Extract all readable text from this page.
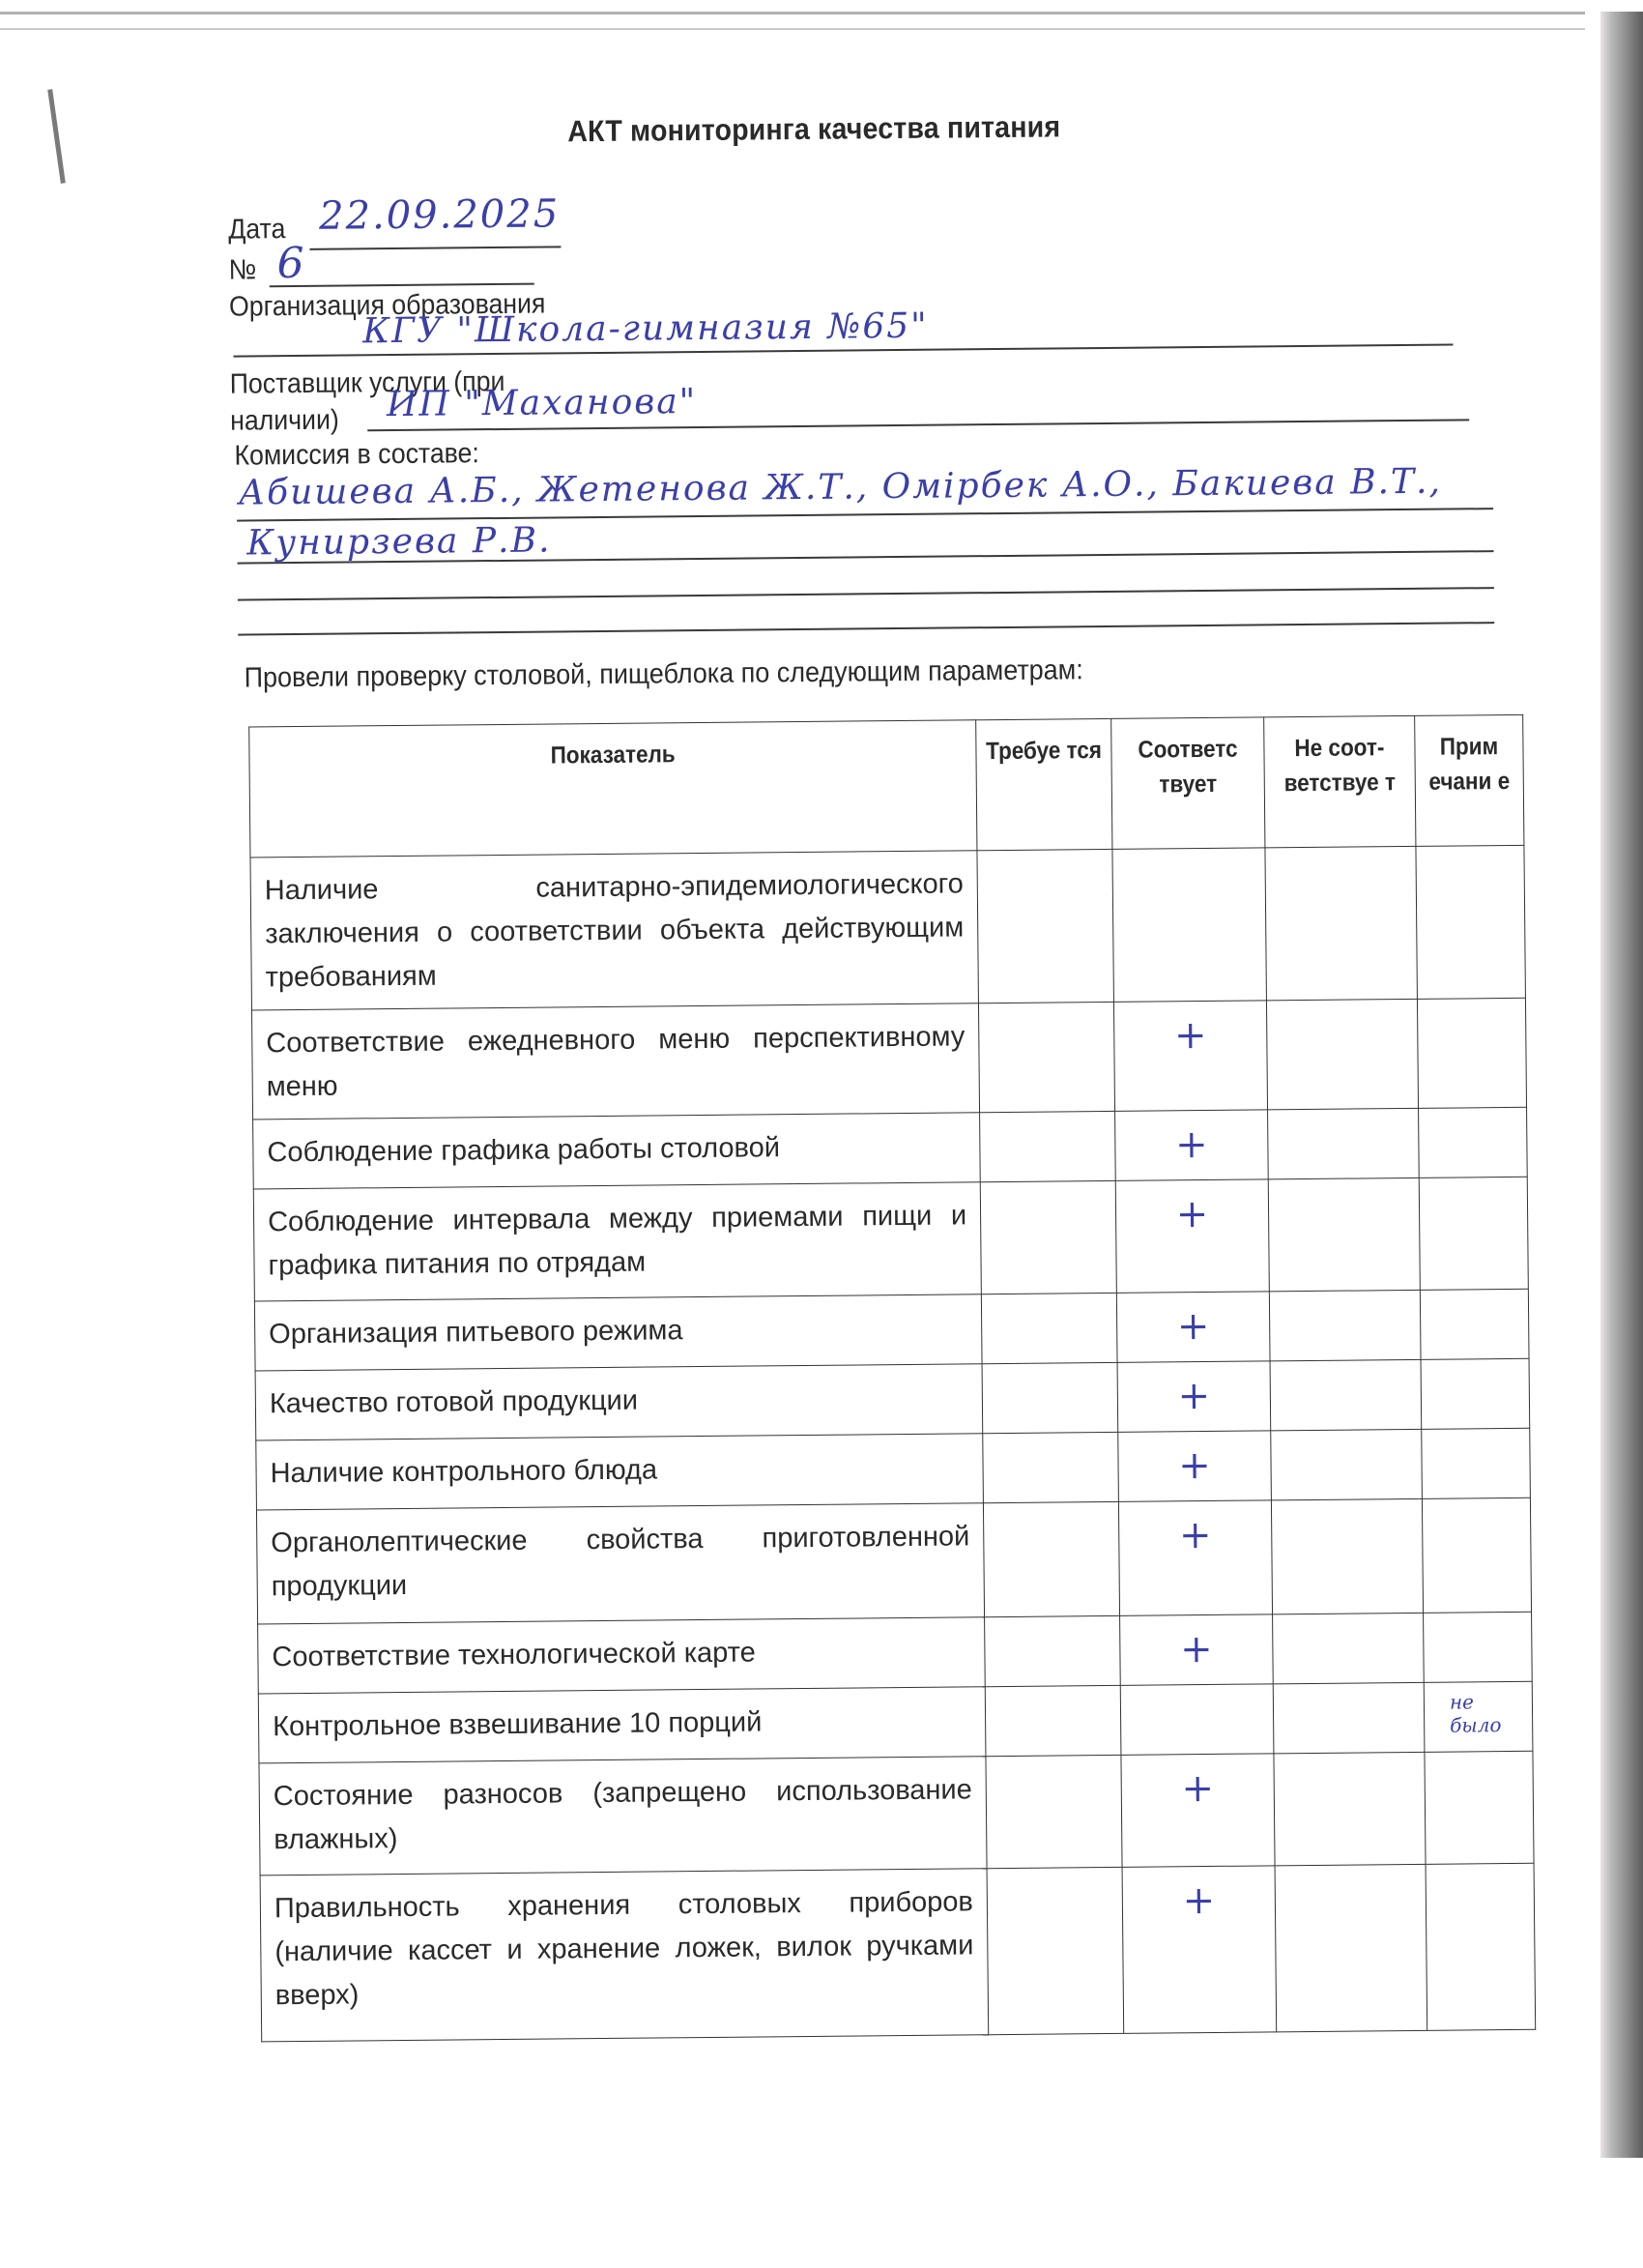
АКТ мониторинга качества питания
Дата 22.09.2025
№ 6
Организация образования
КГУ "Школа-гимназия №65"
Поставщик услуги (при
наличии) ИП "Маханова"
Комиссия в составе:
Абишева А.Б., Жетенова Ж.Т., Омірбек А.О., Бакиева В.Т.,
Кунирзева Р.В.
Провели проверку столовой, пищеблока по следующим параметрам:
Показатель	Требуе тся	Соответс твует	Не соот- ветствуе т	Прим ечани е

Наличие санитарно-эпидемиологического заключения о соответствии объекта действующим требованиям				

Соответствие ежедневного меню перспективному меню		+		

Соблюдение графика работы столовой		+		

Соблюдение интервала между приемами пищи и графика питания по отрядам		+		

Организация питьевого режима		+		

Качество готовой продукции		+		

Наличие контрольного блюда		+		

Органолептические свойства приготовленной продукции		+		

Соответствие технологической карте		+		

Контрольное взвешивание 10 порций				не было

Состояние разносов (запрещено использование влажных)		+		

Правильность хранения столовых приборов (наличие кассет и хранение ложек, вилок ручками вверх)		+		
